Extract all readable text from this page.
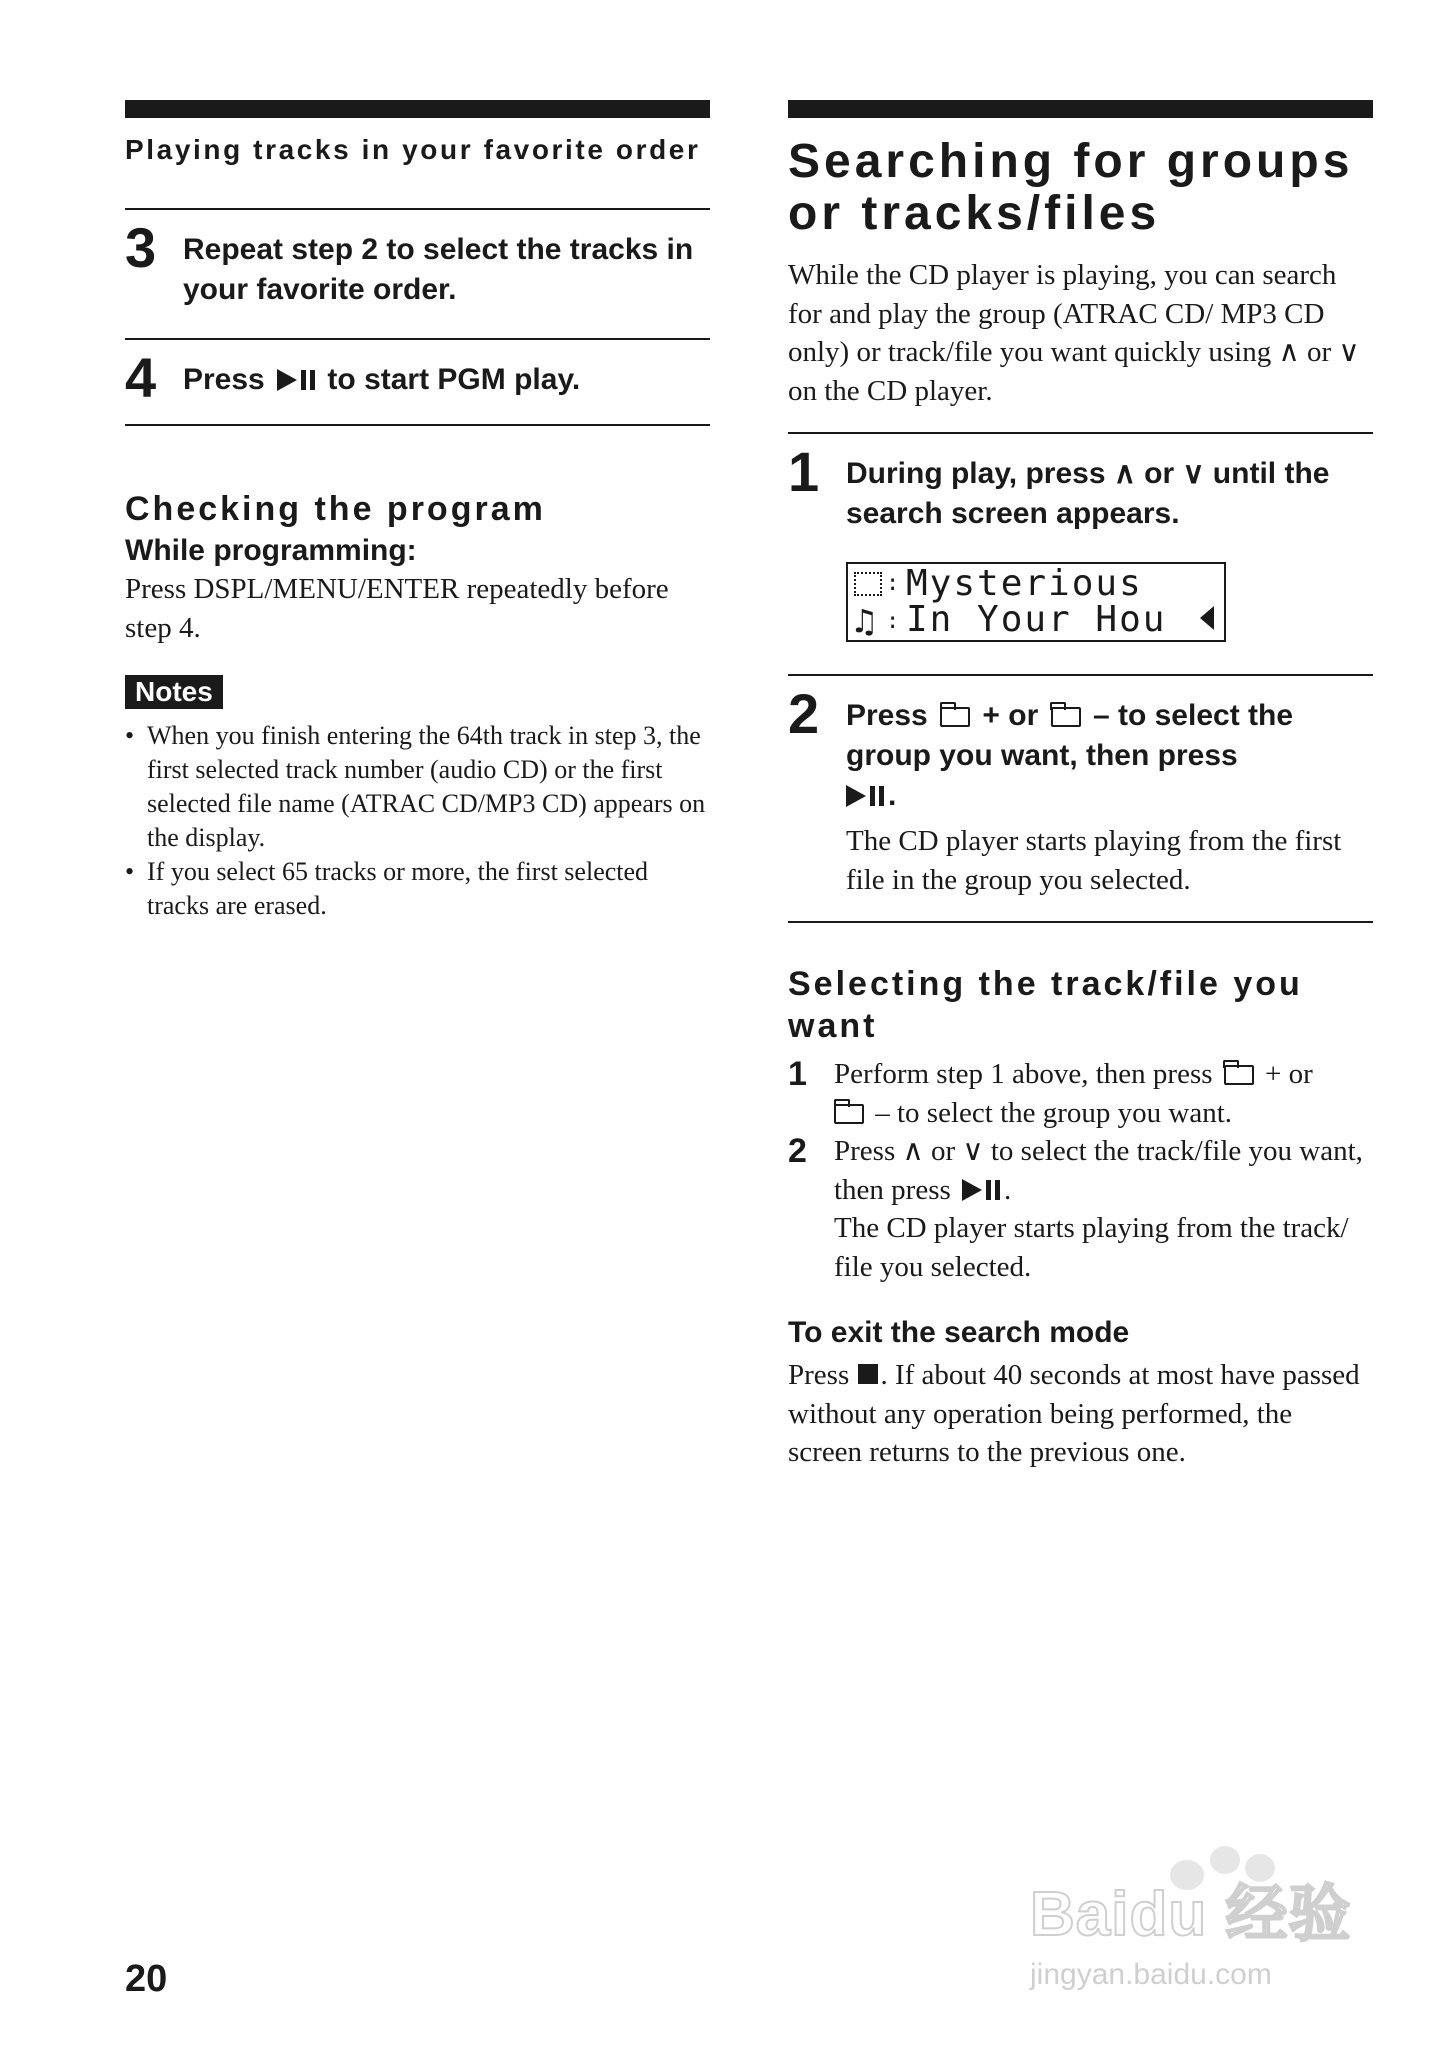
Playing tracks in your favorite order
3 Repeat step 2 to select the tracks in your favorite order.
4 Press
to start PGM play.
Checking the program
While programming:
Press DSPL/MENU/ENTER repeatedly before step 4.
Notes
• When you finish entering the 64th track in step 3, the first selected track number (audio CD) or the first selected file name (ATRAC CD/MP3 CD) appears on the display.
• If you select 65 tracks or more, the first selected tracks are erased.
Searching for groups or tracks/files
While the CD player is playing, you can search for and play the group (ATRAC CD/ MP3 CD only) or track/file you want quickly using ∧ or ∨ on the CD player.
1 During play, press ∧ or ∨ until the search screen appears.
:
♫ :
Mysterious
In Your Hou
2 Press  + or  – to select the group you want, then press

.
The CD player starts playing from the first file in the group you selected.
Selecting the track/file you want
1 Perform step 1 above, then press  + or
– to select the group you want.
2 Press ∧ or ∨ to select the track/file you want, then press
.
The CD player starts playing from the track/ file you selected.
To exit the search mode
Press . If about 40 seconds at most have passed without any operation being performed, the screen returns to the previous one.
20
Baidu 经验
jingyan.baidu.com
